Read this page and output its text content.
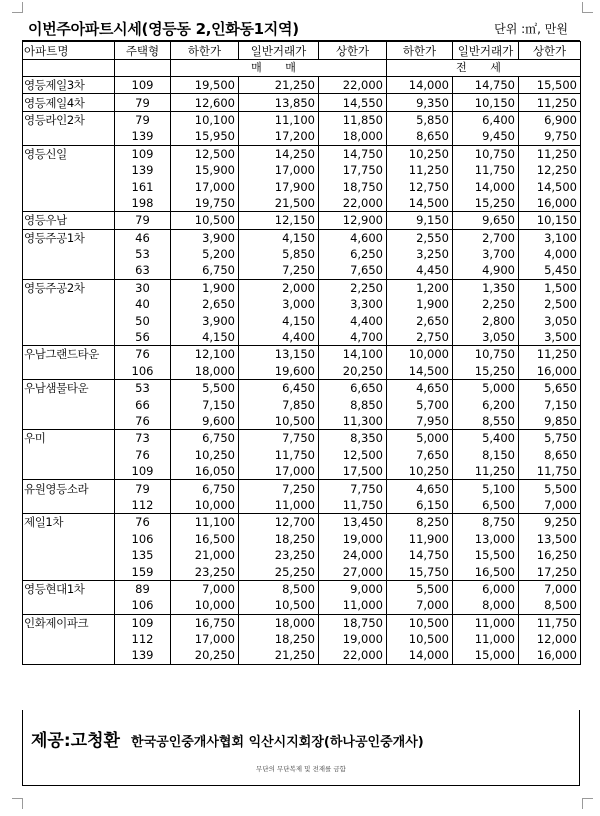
이번주아파트시세(영등동 2,인화동1지역)	단위 :㎡, 만원
아파트명	주택형	하한가	일반거래가	상한가	하한가	일반거래가	상한가
		매 매			전 세		
영등제일3차	109	19,500	21,250	22,000	14,000	14,750	15,500
영등제일4차	79	12,600	13,850	14,550	9,350	10,150	11,250
영등라인2차	79	10,100	11,100	11,850	5,850	6,400	6,900
	139	15,950	17,200	18,000	8,650	9,450	9,750
영등신일	109	12,500	14,250	14,750	10,250	10,750	11,250
	139	15,900	17,000	17,750	11,250	11,750	12,250
	161	17,000	17,900	18,750	12,750	14,000	14,500
	198	19,750	21,500	22,000	14,500	15,250	16,000
영등우남	79	10,500	12,150	12,900	9,150	9,650	10,150
영등주공1차	46	3,900	4,150	4,600	2,550	2,700	3,100
	53	5,200	5,850	6,250	3,250	3,700	4,000
	63	6,750	7,250	7,650	4,450	4,900	5,450
영등주공2차	30	1,900	2,000	2,250	1,200	1,350	1,500
	40	2,650	3,000	3,300	1,900	2,250	2,500
	50	3,900	4,150	4,400	2,650	2,800	3,050
	56	4,150	4,400	4,700	2,750	3,050	3,500
우남그랜드타운	76	12,100	13,150	14,100	10,000	10,750	11,250
	106	18,000	19,600	20,250	14,500	15,250	16,000
우남샘물타운	53	5,500	6,450	6,650	4,650	5,000	5,650
	66	7,150	7,850	8,850	5,700	6,200	7,150
	76	9,600	10,500	11,300	7,950	8,550	9,850
우미	73	6,750	7,750	8,350	5,000	5,400	5,750
	76	10,250	11,750	12,500	7,650	8,150	8,650
	109	16,050	17,000	17,500	10,250	11,250	11,750
유원영등소라	79	6,750	7,250	7,750	4,650	5,100	5,500
	112	10,000	11,000	11,750	6,150	6,500	7,000
제일1차	76	11,100	12,700	13,450	8,250	8,750	9,250
	106	16,500	18,250	19,000	11,900	13,000	13,500
	135	21,000	23,250	24,000	14,750	15,500	16,250
	159	23,250	25,250	27,000	15,750	16,500	17,250
영등현대1차	89	7,000	8,500	9,000	5,500	6,000	7,000
	106	10,000	10,500	11,000	7,000	8,000	8,500
인화제이파크	109	16,750	18,000	18,750	10,500	11,000	11,750
	112	17,000	18,250	19,000	10,500	11,000	12,000
	139	20,250	21,250	22,000	14,000	15,000	16,000
제공:고청환 한국공인중개사협회 익산시지회장(하나공인중개사)
무단의 무단복제 및 전재를 금함
